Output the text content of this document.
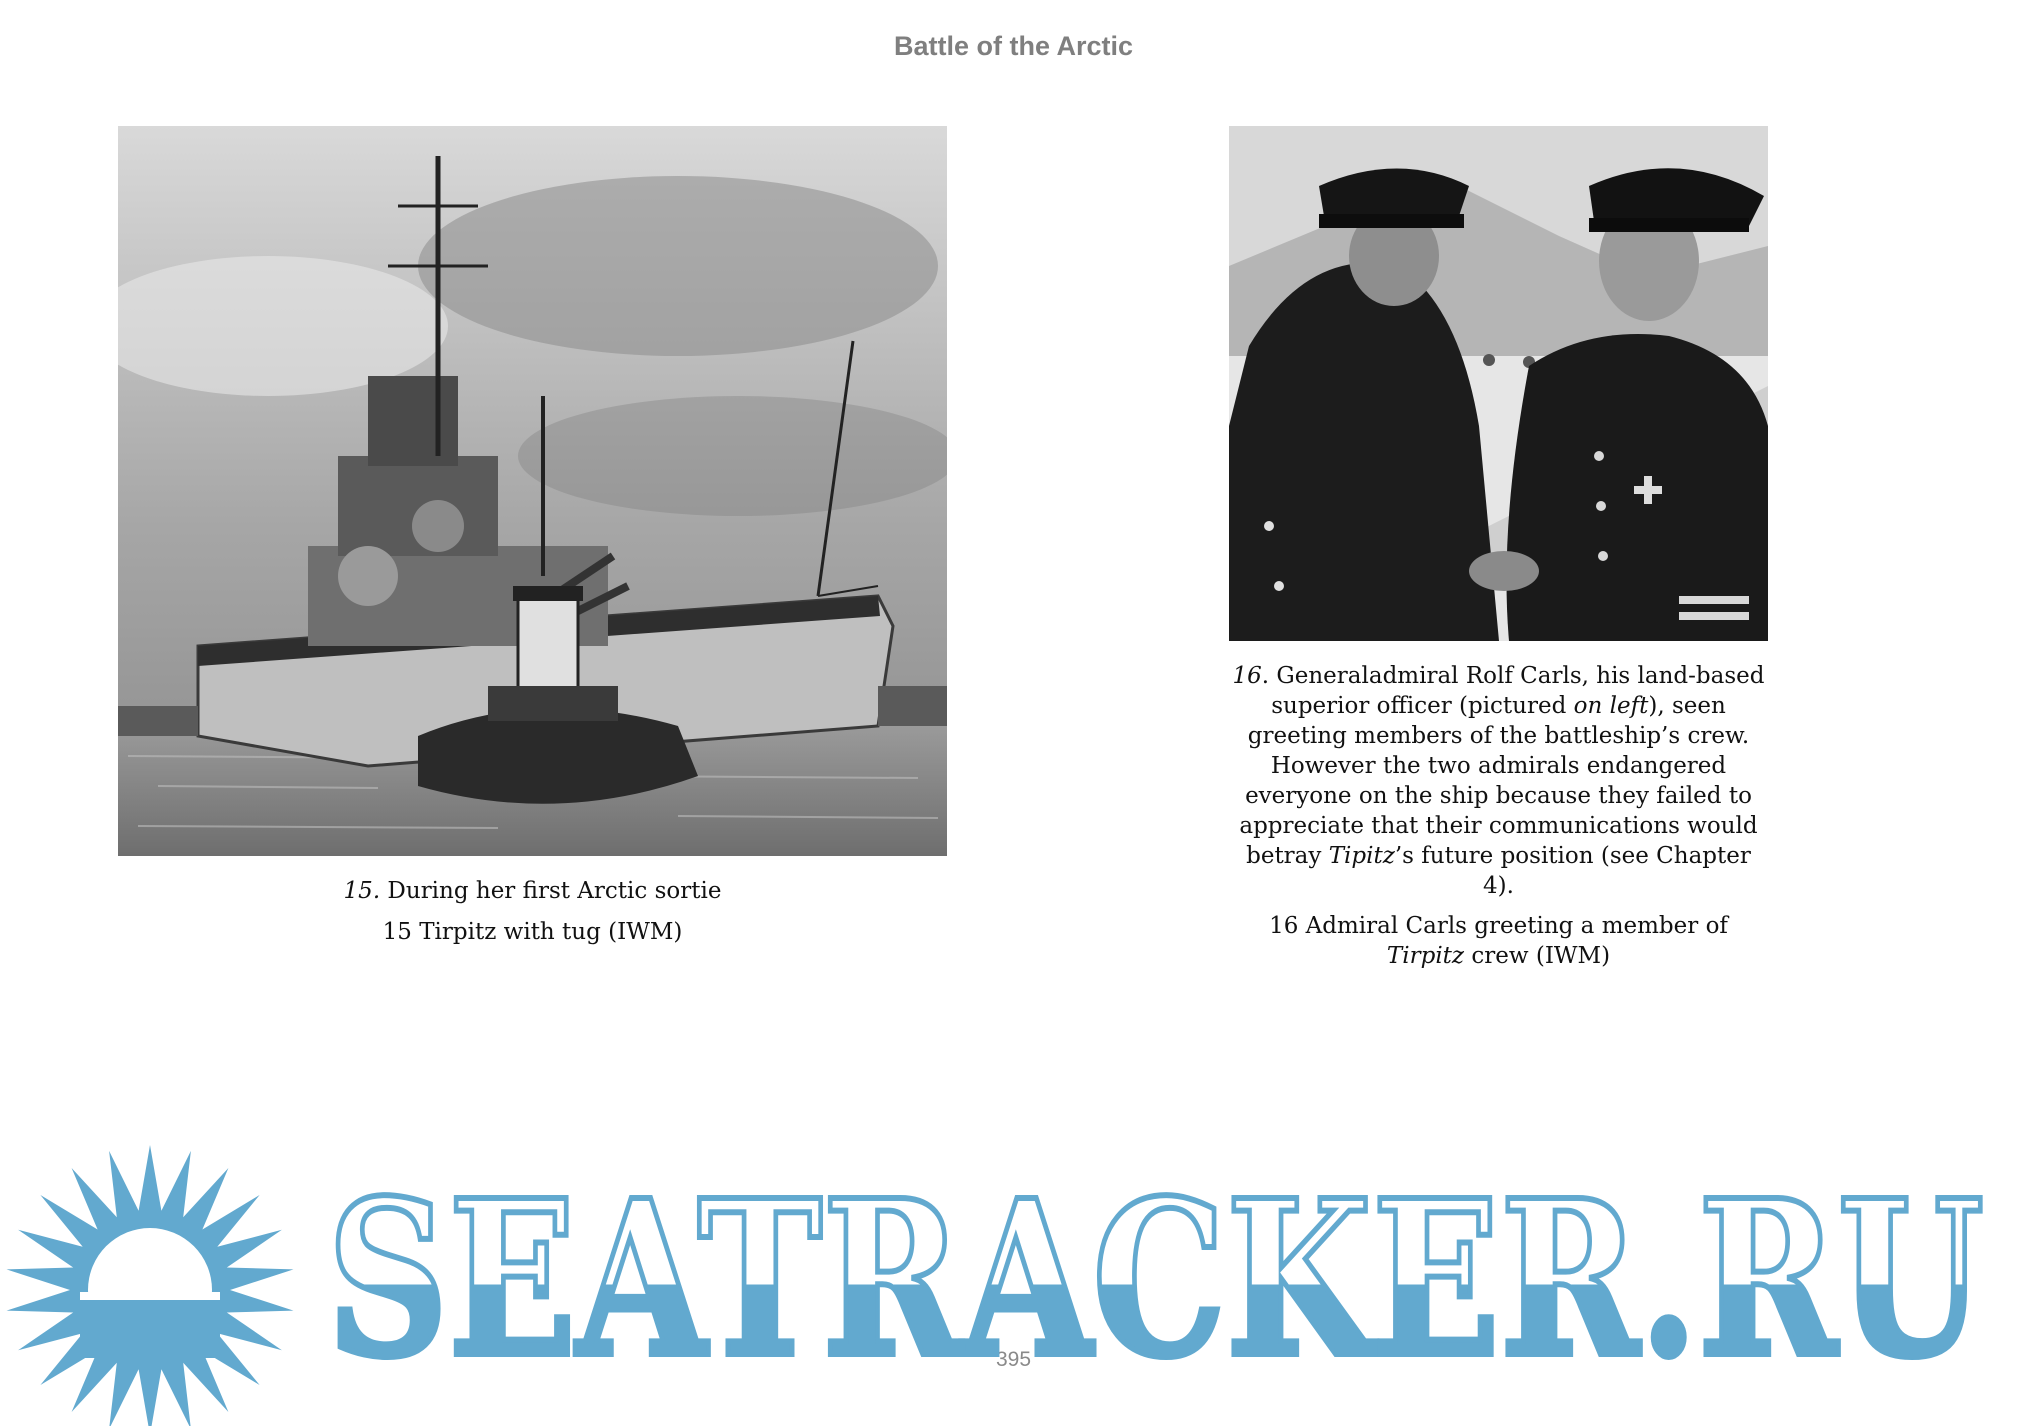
Battle of the Arctic

15. During her first Arctic sortie

15 Tirpitz with tug (IWM)

16. Generaladmiral Rolf Carls, his land-based superior officer (pictured on left), seen greeting members of the battleship’s crew. However the two admirals endangered everyone on the ship because they failed to appreciate that their communications would betray Tipitz’s future position (see Chapter 4).

16 Admiral Carls greeting a member of Tirpitz crew (IWM)

395
SEATRACKER.RU
